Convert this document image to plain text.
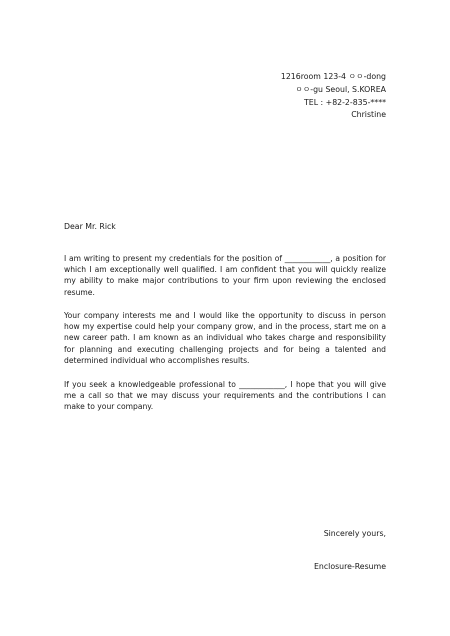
1216room 123-4 ㅇㅇ-dong
ㅇㅇ-gu Seoul, S.KOREA
TEL : +82-2-835-****
Christine
Dear Mr. Rick

I am writing to present my credentials for the position of ____________, a position for which I am exceptionally well qualified. I am confident that you will quickly realize my ability to make major contributions to your firm upon reviewing the enclosed resume.

Your company interests me and I would like the opportunity to discuss in person how my expertise could help your company grow, and in the process, start me on a new career path. I am known as an individual who takes charge and responsibility for planning and executing challenging projects and for being a talented and determined individual who accomplishes results.

If you seek a knowledgeable professional to ____________, I hope that you will give me a call so that we may discuss your requirements and the contributions I can make to your company.

Sincerely yours,
Enclosure-Resume
